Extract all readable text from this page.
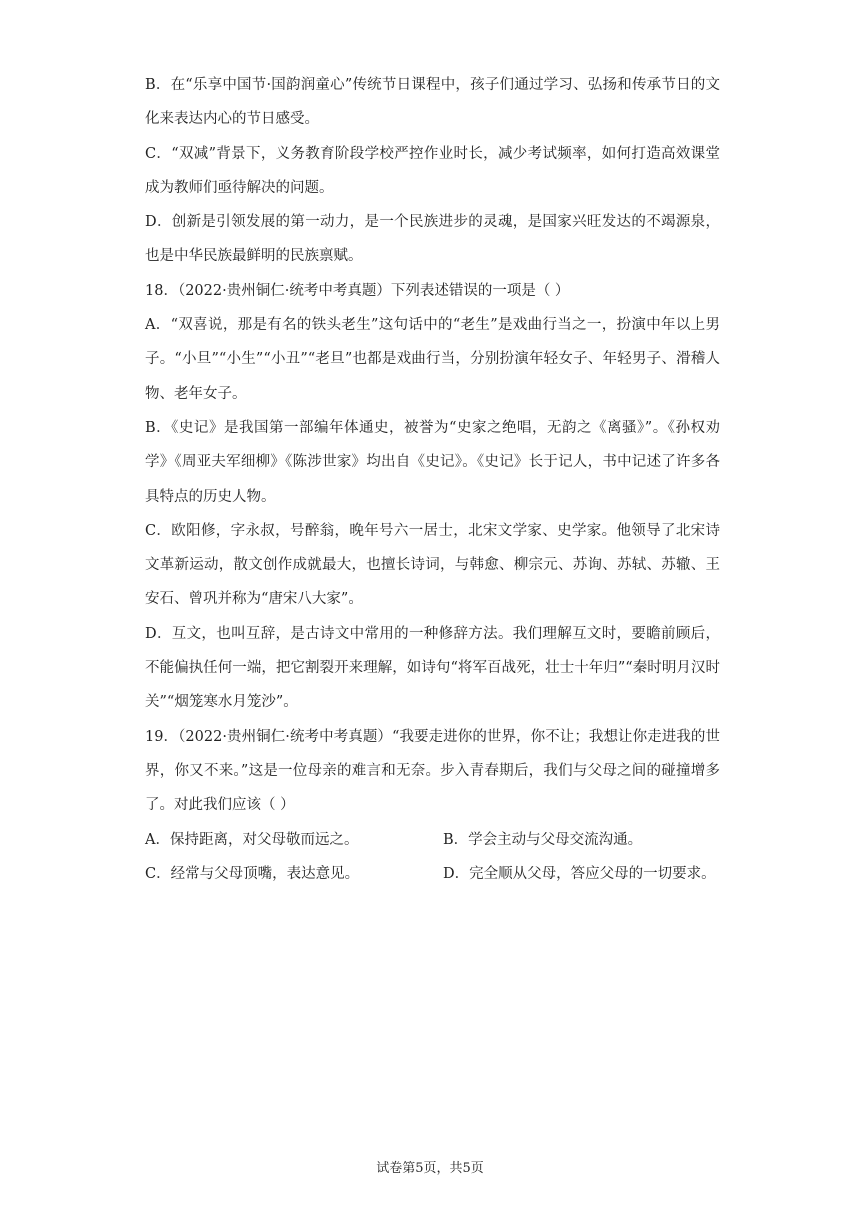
B．在“乐享中国节·国韵润童心”传统节日课程中，孩子们通过学习、弘扬和传承节日的文化来表达内心的节日感受。

C．“双减”背景下，义务教育阶段学校严控作业时长，减少考试频率，如何打造高效课堂成为教师们亟待解决的问题。

D．创新是引领发展的第一动力，是一个民族进步的灵魂，是国家兴旺发达的不竭源泉，也是中华民族最鲜明的民族禀赋。

18．（2022·贵州铜仁·统考中考真题）下列表述错误的一项是（ ）

A．“双喜说，那是有名的铁头老生”这句话中的“老生”是戏曲行当之一，扮演中年以上男子。“小旦”“小生”“小丑”“老旦”也都是戏曲行当，分别扮演年轻女子、年轻男子、滑稽人物、老年女子。

B．《史记》是我国第一部编年体通史，被誉为“史家之绝唱，无韵之《离骚》”。《孙权劝学》《周亚夫军细柳》《陈涉世家》均出自《史记》。《史记》长于记人，书中记述了许多各具特点的历史人物。

C．欧阳修，字永叔，号醉翁，晚年号六一居士，北宋文学家、史学家。他领导了北宋诗文革新运动，散文创作成就最大，也擅长诗词，与韩愈、柳宗元、苏询、苏轼、苏辙、王安石、曾巩并称为“唐宋八大家”。

D．互文，也叫互辞，是古诗文中常用的一种修辞方法。我们理解互文时，要瞻前顾后，不能偏执任何一端，把它割裂开来理解，如诗句“将军百战死，壮士十年归”“秦时明月汉时关”“烟笼寒水月笼沙”。

19．（2022·贵州铜仁·统考中考真题）“我要走进你的世界，你不让；我想让你走进我的世界，你又不来。”这是一位母亲的难言和无奈。步入青春期后，我们与父母之间的碰撞增多了。对此我们应该（ ）

A．保持距离，对父母敬而远之。	B．学会主动与父母交流沟通。
C．经常与父母顶嘴，表达意见。	D．完全顺从父母，答应父母的一切要求。
试卷第5页，共5页
